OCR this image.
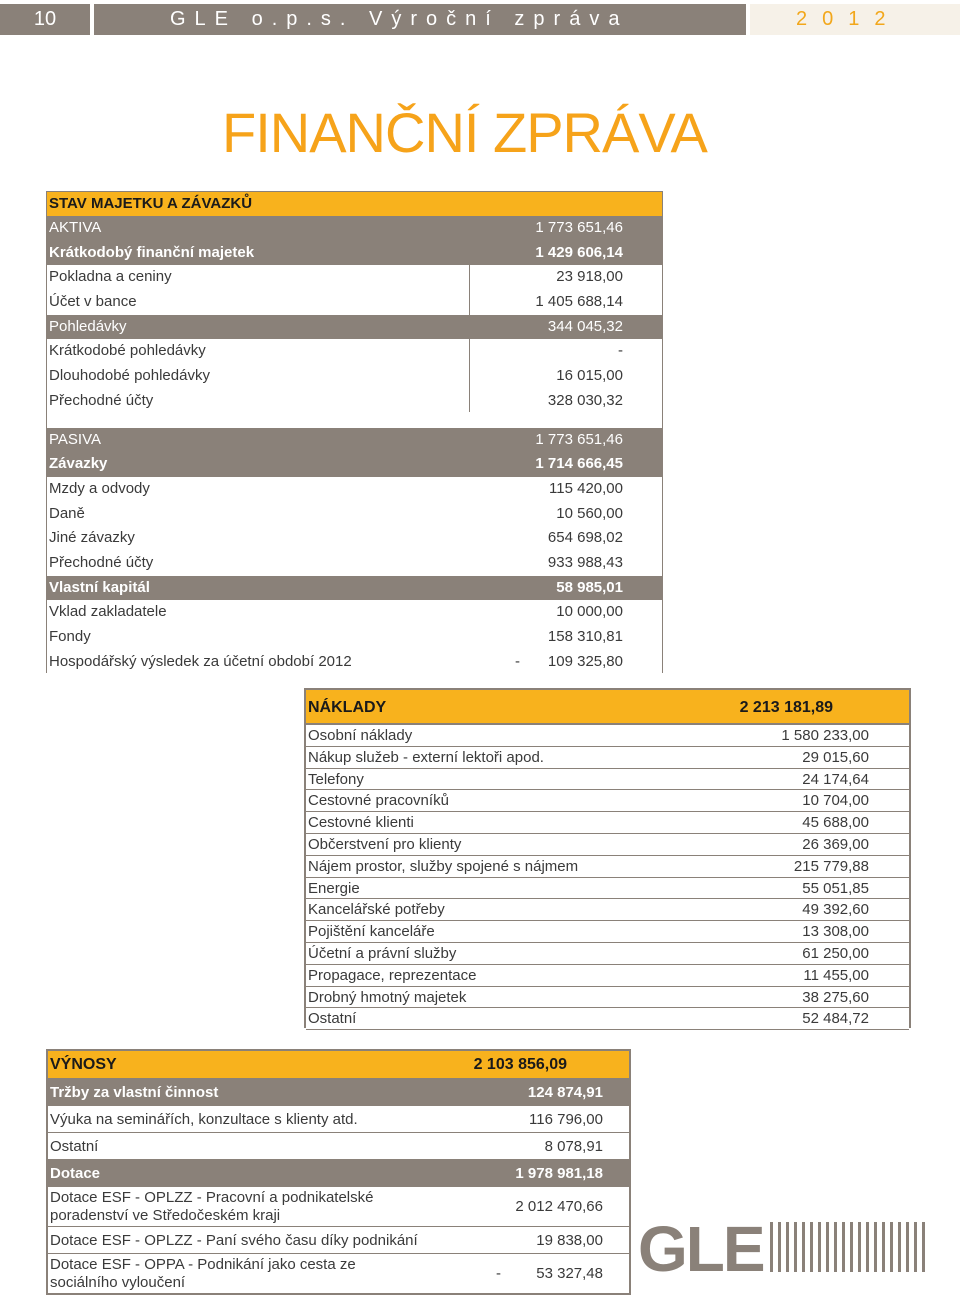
10	GLE o.p.s. Výroční zpráva	2012
FINANČNÍ ZPRÁVA
STAV MAJETKU A ZÁVAZKŮ
AKTIVA	1 773 651,46
Krátkodobý finanční majetek	1 429 606,14
Pokladna a ceniny	23 918,00
Účet v bance	1 405 688,14
Pohledávky	344 045,32
Krátkodobé pohledávky	-
Dlouhodobé pohledávky	16 015,00
Přechodné účty	328 030,32
PASIVA	1 773 651,46
Závazky	1 714 666,45
Mzdy a odvody	115 420,00
Daně	10 560,00
Jiné závazky	654 698,02
Přechodné účty	933 988,43
Vlastní kapitál	58 985,01
Vklad zakladatele	10 000,00
Fondy	158 310,81
Hospodářský výsledek za účetní období 2012	- 109 325,80
NÁKLADY	2 213 181,89
Osobní náklady	1 580 233,00
Nákup služeb - externí lektoři apod.	29 015,60
Telefony	24 174,64
Cestovné pracovníků	10 704,00
Cestovné klienti	45 688,00
Občerstvení pro klienty	26 369,00
Nájem prostor, služby spojené s nájmem	215 779,88
Energie	55 051,85
Kancelářské potřeby	49 392,60
Pojištění kanceláře	13 308,00
Účetní a právní služby	61 250,00
Propagace, reprezentace	11 455,00
Drobný hmotný majetek	38 275,60
Ostatní	52 484,72
VÝNOSY	2 103 856,09
Tržby za vlastní činnost	124 874,91
Výuka na seminářích, konzultace s klienty atd.	116 796,00
Ostatní	8 078,91
Dotace	1 978 981,18
Dotace ESF - OPLZZ - Pracovní a podnikatelské poradenství ve Středočeském kraji	2 012 470,66
Dotace ESF - OPLZZ - Paní svého času díky podnikání	19 838,00
Dotace ESF - OPPA - Podnikání jako cesta ze sociálního vyloučení	- 53 327,48 GLE
